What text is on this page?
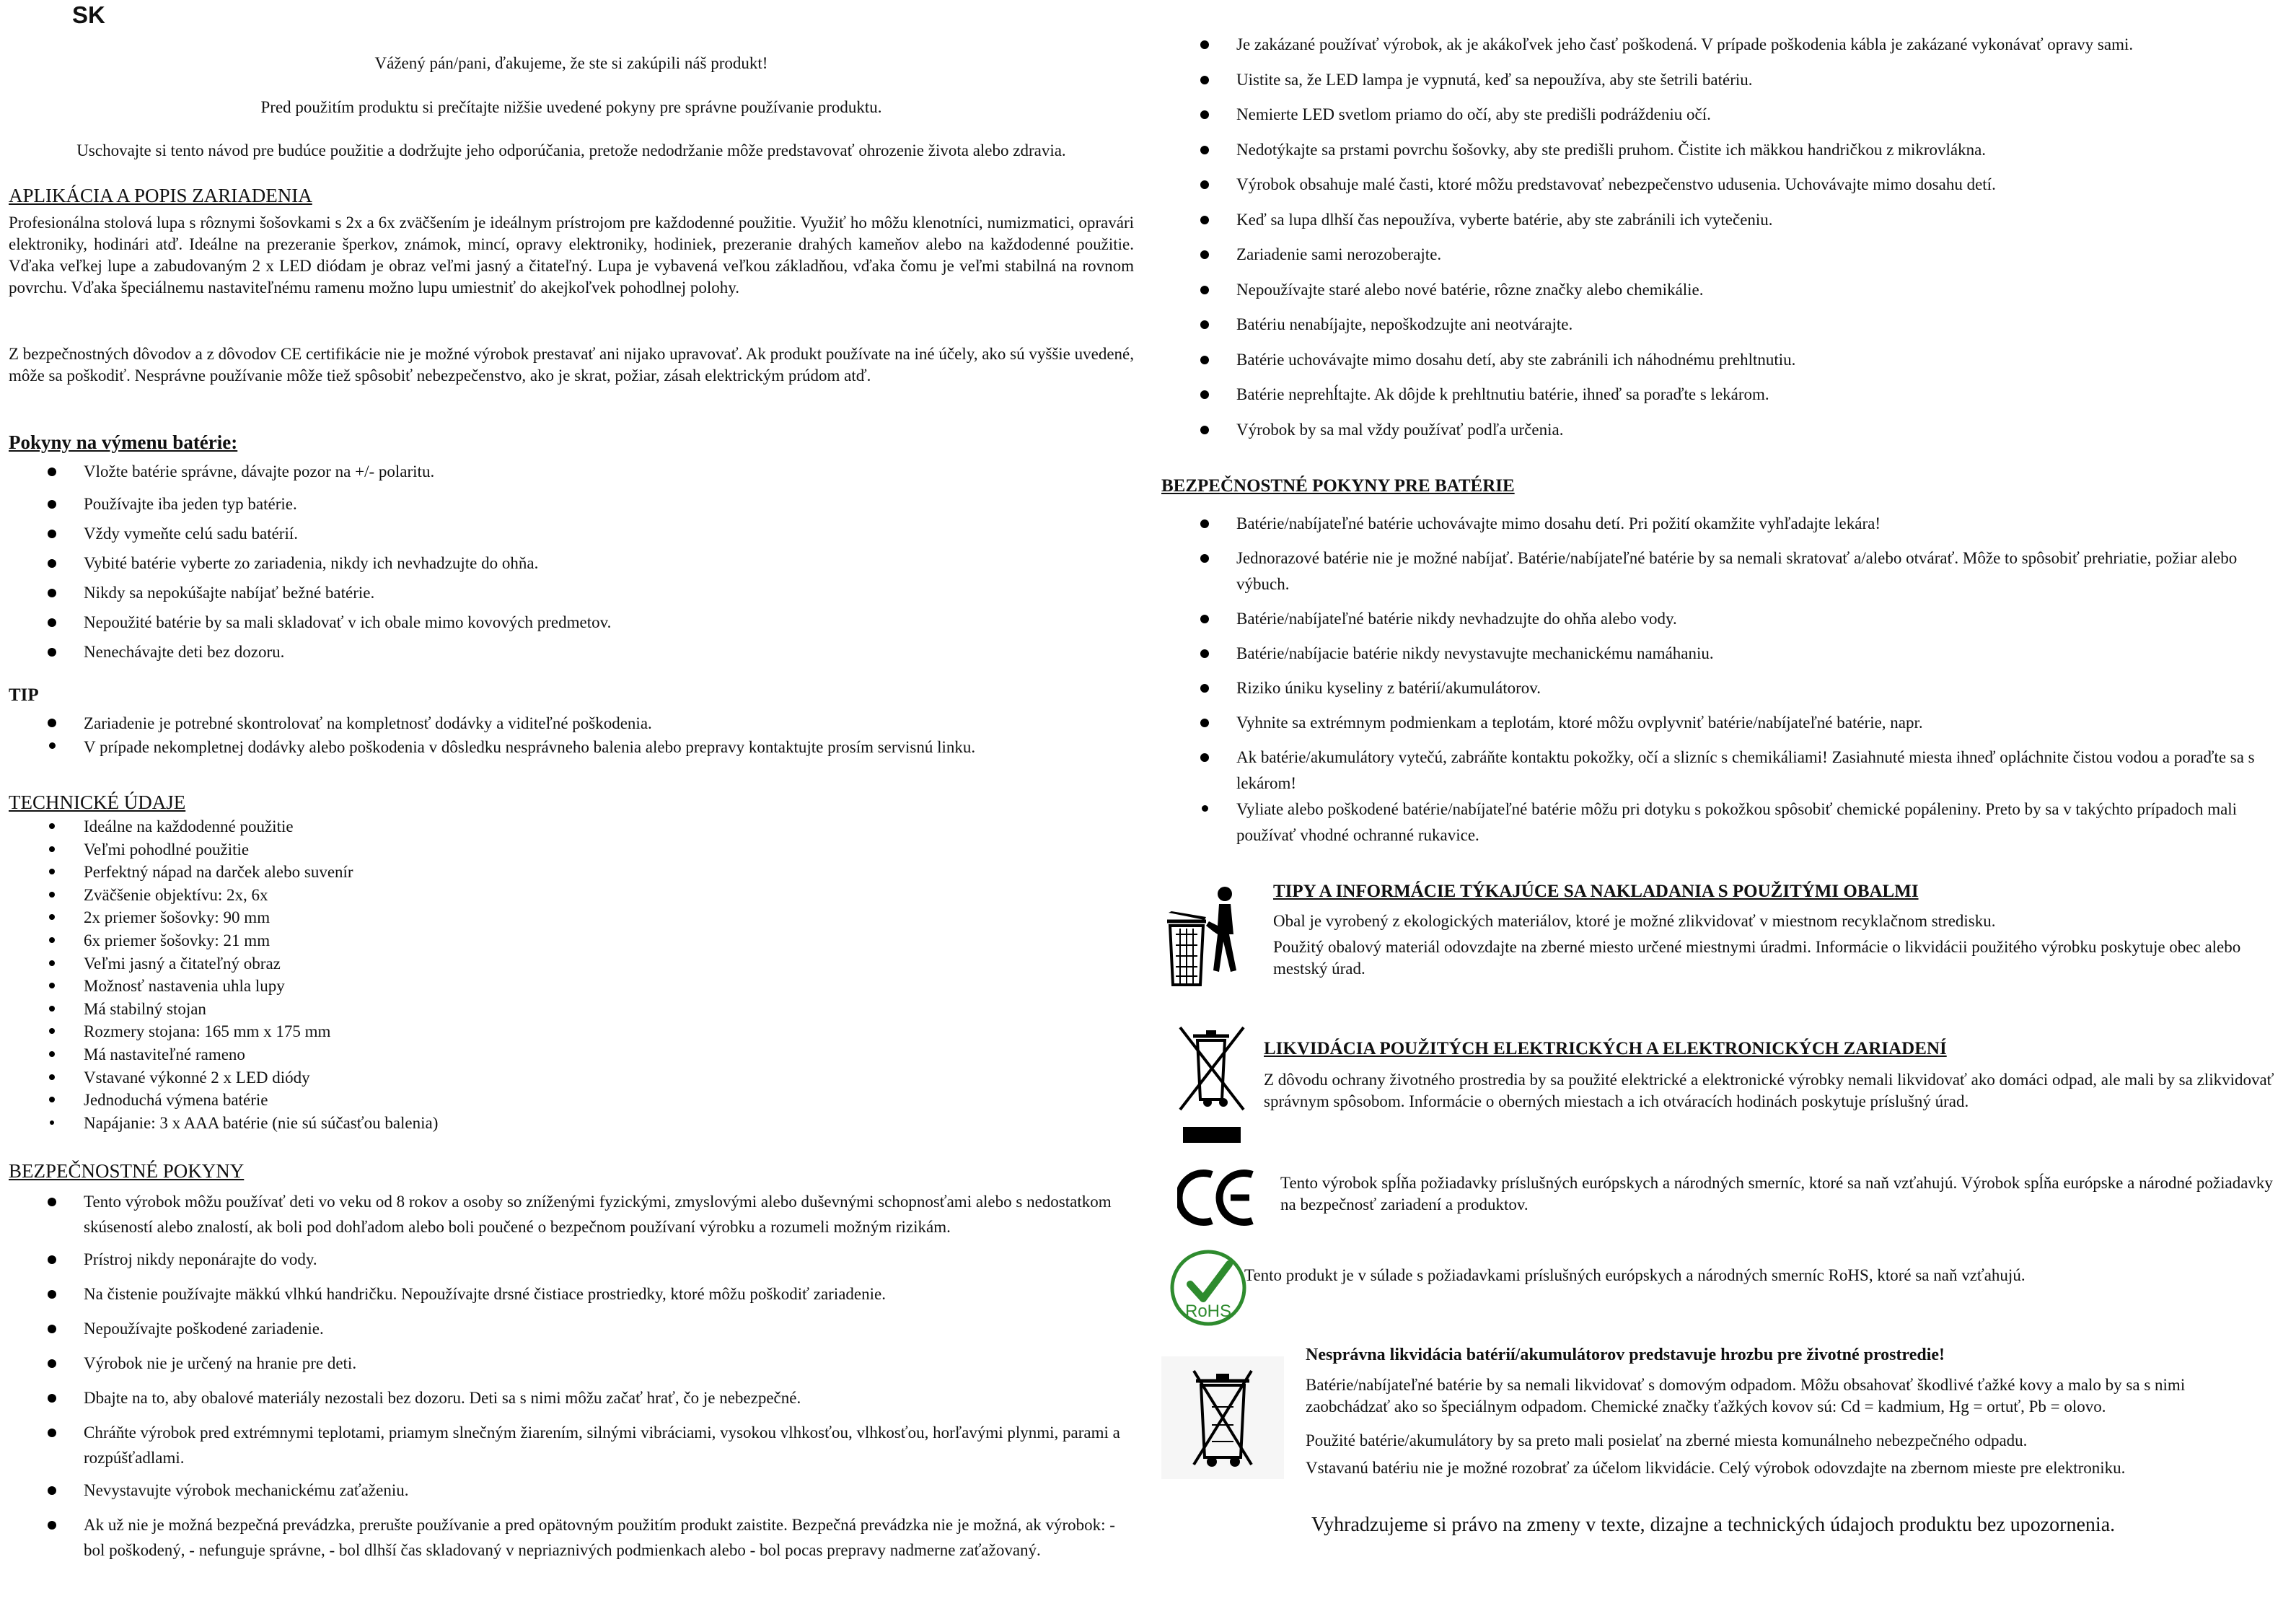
SK
Vážený pán/pani, ďakujeme, že ste si zakúpili náš produkt!
Pred použitím produktu si prečítajte nižšie uvedené pokyny pre správne používanie produktu.
Uschovajte si tento návod pre budúce použitie a dodržujte jeho odporúčania, pretože nedodržanie môže predstavovať ohrozenie života alebo zdravia.
APLIKÁCIA A POPIS ZARIADENIA
Profesionálna stolová lupa s rôznymi šošovkami s 2x a 6x zväčšením je ideálnym prístrojom pre každodenné použitie. Využiť ho môžu klenotníci, numizmatici, opravári elektroniky, hodinári atď. Ideálne na prezeranie šperkov, známok, mincí, opravy elektroniky, hodiniek, prezeranie drahých kameňov alebo na každodenné použitie. Vďaka veľkej lupe a zabudovaným 2 x LED diódam je obraz veľmi jasný a čitateľný. Lupa je vybavená veľkou základňou, vďaka čomu je veľmi stabilná na rovnom povrchu. Vďaka špeciálnemu nastaviteľnému ramenu možno lupu umiestniť do akejkoľvek pohodlnej polohy.
Z bezpečnostných dôvodov a z dôvodov CE certifikácie nie je možné výrobok prestavať ani nijako upravovať. Ak produkt používate na iné účely, ako sú vyššie uvedené, môže sa poškodiť. Nesprávne používanie môže tiež spôsobiť nebezpečenstvo, ako je skrat, požiar, zásah elektrickým prúdom atď.
Pokyny na výmenu batérie:
Vložte batérie správne, dávajte pozor na +/- polaritu.
Používajte iba jeden typ batérie.
Vždy vymeňte celú sadu batérií.
Vybité batérie vyberte zo zariadenia, nikdy ich nevhadzujte do ohňa.
Nikdy sa nepokúšajte nabíjať bežné batérie.
Nepoužité batérie by sa mali skladovať v ich obale mimo kovových predmetov.
Nenechávajte deti bez dozoru.
TIP
Zariadenie je potrebné skontrolovať na kompletnosť dodávky a viditeľné poškodenia.
V prípade nekompletnej dodávky alebo poškodenia v dôsledku nesprávneho balenia alebo prepravy kontaktujte prosím servisnú linku.
TECHNICKÉ ÚDAJE
Ideálne na každodenné použitie
Veľmi pohodlné použitie
Perfektný nápad na darček alebo suvenír
Zväčšenie objektívu: 2x, 6x
2x priemer šošovky: 90 mm
6x priemer šošovky: 21 mm
Veľmi jasný a čitateľný obraz
Možnosť nastavenia uhla lupy
Má stabilný stojan
Rozmery stojana: 165 mm x 175 mm
Má nastaviteľné rameno
Vstavané výkonné 2 x LED diódy
Jednoduchá výmena batérie
Napájanie: 3 x AAA batérie (nie sú súčasťou balenia)
BEZPEČNOSTNÉ POKYNY
Tento výrobok môžu používať deti vo veku od 8 rokov a osoby so zníženými fyzickými, zmyslovými alebo duševnými schopnosťami alebo s nedostatkom skúseností alebo znalostí, ak boli pod dohľadom alebo boli poučené o bezpečnom používaní výrobku a rozumeli možným rizikám.
Prístroj nikdy neponárajte do vody.
Na čistenie používajte mäkkú vlhkú handričku. Nepoužívajte drsné čistiace prostriedky, ktoré môžu poškodiť zariadenie.
Nepoužívajte poškodené zariadenie.
Výrobok nie je určený na hranie pre deti.
Dbajte na to, aby obalové materiály nezostali bez dozoru. Deti sa s nimi môžu začať hrať, čo je nebezpečné.
Chráňte výrobok pred extrémnymi teplotami, priamym slnečným žiarením, silnými vibráciami, vysokou vlhkosťou, vlhkosťou, horľavými plynmi, parami a rozpúšťadlami.
Nevystavujte výrobok mechanickému zaťaženiu.
Ak už nie je možná bezpečná prevádzka, prerušte používanie a pred opätovným použitím produkt zaistite. Bezpečná prevádzka nie je možná, ak výrobok: - bol poškodený, - nefunguje správne, - bol dlhší čas skladovaný v nepriaznivých podmienkach alebo - bol pocas prepravy nadmerne zaťažovaný.
Je zakázané používať výrobok, ak je akákoľvek jeho časť poškodená. V prípade poškodenia kábla je zakázané vykonávať opravy sami.
Uistite sa, že LED lampa je vypnutá, keď sa nepoužíva, aby ste šetrili batériu.
Nemierte LED svetlom priamo do očí, aby ste predišli podráždeniu očí.
Nedotýkajte sa prstami povrchu šošovky, aby ste predišli pruhom. Čistite ich mäkkou handričkou z mikrovlákna.
Výrobok obsahuje malé časti, ktoré môžu predstavovať nebezpečenstvo udusenia. Uchovávajte mimo dosahu detí.
Keď sa lupa dlhší čas nepoužíva, vyberte batérie, aby ste zabránili ich vytečeniu.
Zariadenie sami nerozoberajte.
Nepoužívajte staré alebo nové batérie, rôzne značky alebo chemikálie.
Batériu nenabíjajte, nepoškodzujte ani neotvárajte.
Batérie uchovávajte mimo dosahu detí, aby ste zabránili ich náhodnému prehltnutiu.
Batérie neprehĺtajte. Ak dôjde k prehltnutiu batérie, ihneď sa poraďte s lekárom.
Výrobok by sa mal vždy používať podľa určenia.
BEZPEČNOSTNÉ POKYNY PRE BATÉRIE
Batérie/nabíjateľné batérie uchovávajte mimo dosahu detí. Pri požití okamžite vyhľadajte lekára!
Jednorazové batérie nie je možné nabíjať. Batérie/nabíjateľné batérie by sa nemali skratovať a/alebo otvárať. Môže to spôsobiť prehriatie, požiar alebo výbuch.
Batérie/nabíjateľné batérie nikdy nevhadzujte do ohňa alebo vody.
Batérie/nabíjacie batérie nikdy nevystavujte mechanickému namáhaniu.
Riziko úniku kyseliny z batérií/akumulátorov.
Vyhnite sa extrémnym podmienkam a teplotám, ktoré môžu ovplyvniť batérie/nabíjateľné batérie, napr.
Ak batérie/akumulátory vytečú, zabráňte kontaktu pokožky, očí a slizníc s chemikáliami! Zasiahnuté miesta ihneď opláchnite čistou vodou a poraďte sa s lekárom!
Vyliate alebo poškodené batérie/nabíjateľné batérie môžu pri dotyku s pokožkou spôsobiť chemické popáleniny. Preto by sa v takýchto prípadoch mali používať vhodné ochranné rukavice.
TIPY A INFORMÁCIE TÝKAJÚCE SA NAKLADANIA S POUŽITÝMI OBALMI
Obal je vyrobený z ekologických materiálov, ktoré je možné zlikvidovať v miestnom recyklačnom stredisku.
Použitý obalový materiál odovzdajte na zberné miesto určené miestnymi úradmi. Informácie o likvidácii použitého výrobku poskytuje obec alebo mestský úrad.
LIKVIDÁCIA POUŽITÝCH ELEKTRICKÝCH A ELEKTRONICKÝCH ZARIADENÍ
Z dôvodu ochrany životného prostredia by sa použité elektrické a elektronické výrobky nemali likvidovať ako domáci odpad, ale mali by sa zlikvidovať správnym spôsobom. Informácie o oberných miestach a ich otváracích hodinách poskytuje príslušný úrad.
Tento výrobok spĺňa požiadavky príslušných európskych a národných smerníc, ktoré sa naň vzťahujú. Výrobok spĺňa európske a národné požiadavky na bezpečnosť zariadení a produktov.
RoHS
Tento produkt je v súlade s požiadavkami príslušných európskych a národných smerníc RoHS, ktoré sa naň vzťahujú.
Nesprávna likvidácia batérií/akumulátorov predstavuje hrozbu pre životné prostredie!
Batérie/nabíjateľné batérie by sa nemali likvidovať s domovým odpadom. Môžu obsahovať škodlivé ťažké kovy a malo by sa s nimi zaobchádzať ako so špeciálnym odpadom. Chemické značky ťažkých kovov sú: Cd = kadmium, Hg = ortuť, Pb = olovo.
Použité batérie/akumulátory by sa preto mali posielať na zberné miesta komunálneho nebezpečného odpadu.
Vstavanú batériu nie je možné rozobrať za účelom likvidácie. Celý výrobok odovzdajte na zbernom mieste pre elektroniku.
Vyhradzujeme si právo na zmeny v texte, dizajne a technických údajoch produktu bez upozornenia.
